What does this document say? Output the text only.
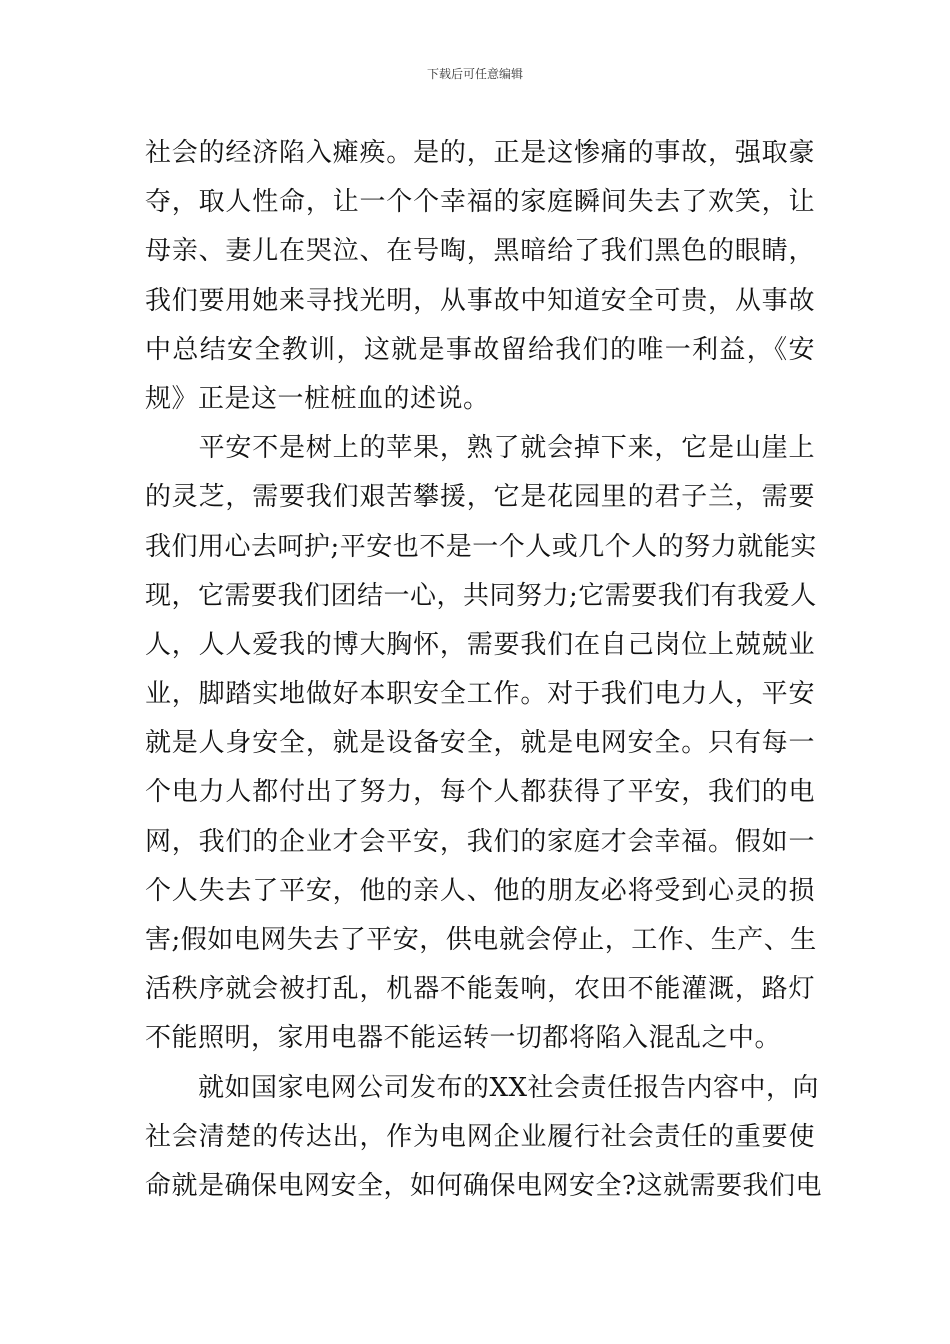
下载后可任意编辑
社会的经济陷入瘫痪。是的，正是这惨痛的事故，强取豪
夺，取人性命，让一个个幸福的家庭瞬间失去了欢笑，让
母亲、妻儿在哭泣、在号啕，黑暗给了我们黑色的眼睛，
我们要用她来寻找光明，从事故中知道安全可贵，从事故
中总结安全教训，这就是事故留给我们的唯一利益，《安
规》正是这一桩桩血的述说。
　　平安不是树上的苹果，熟了就会掉下来，它是山崖上
的灵芝，需要我们艰苦攀援，它是花园里的君子兰，需要
我们用心去呵护;平安也不是一个人或几个人的努力就能实
现，它需要我们团结一心，共同努力;它需要我们有我爱人
人，人人爱我的博大胸怀，需要我们在自己岗位上兢兢业
业，脚踏实地做好本职安全工作。对于我们电力人，平安
就是人身安全，就是设备安全，就是电网安全。只有每一
个电力人都付出了努力，每个人都获得了平安，我们的电
网，我们的企业才会平安，我们的家庭才会幸福。假如一
个人失去了平安，他的亲人、他的朋友必将受到心灵的损
害;假如电网失去了平安，供电就会停止，工作、生产、生
活秩序就会被打乱，机器不能轰响，农田不能灌溉，路灯
不能照明，家用电器不能运转一切都将陷入混乱之中。
　　就如国家电网公司发布的XX社会责任报告内容中，向
社会清楚的传达出，作为电网企业履行社会责任的重要使
命就是确保电网安全，如何确保电网安全?这就需要我们电
